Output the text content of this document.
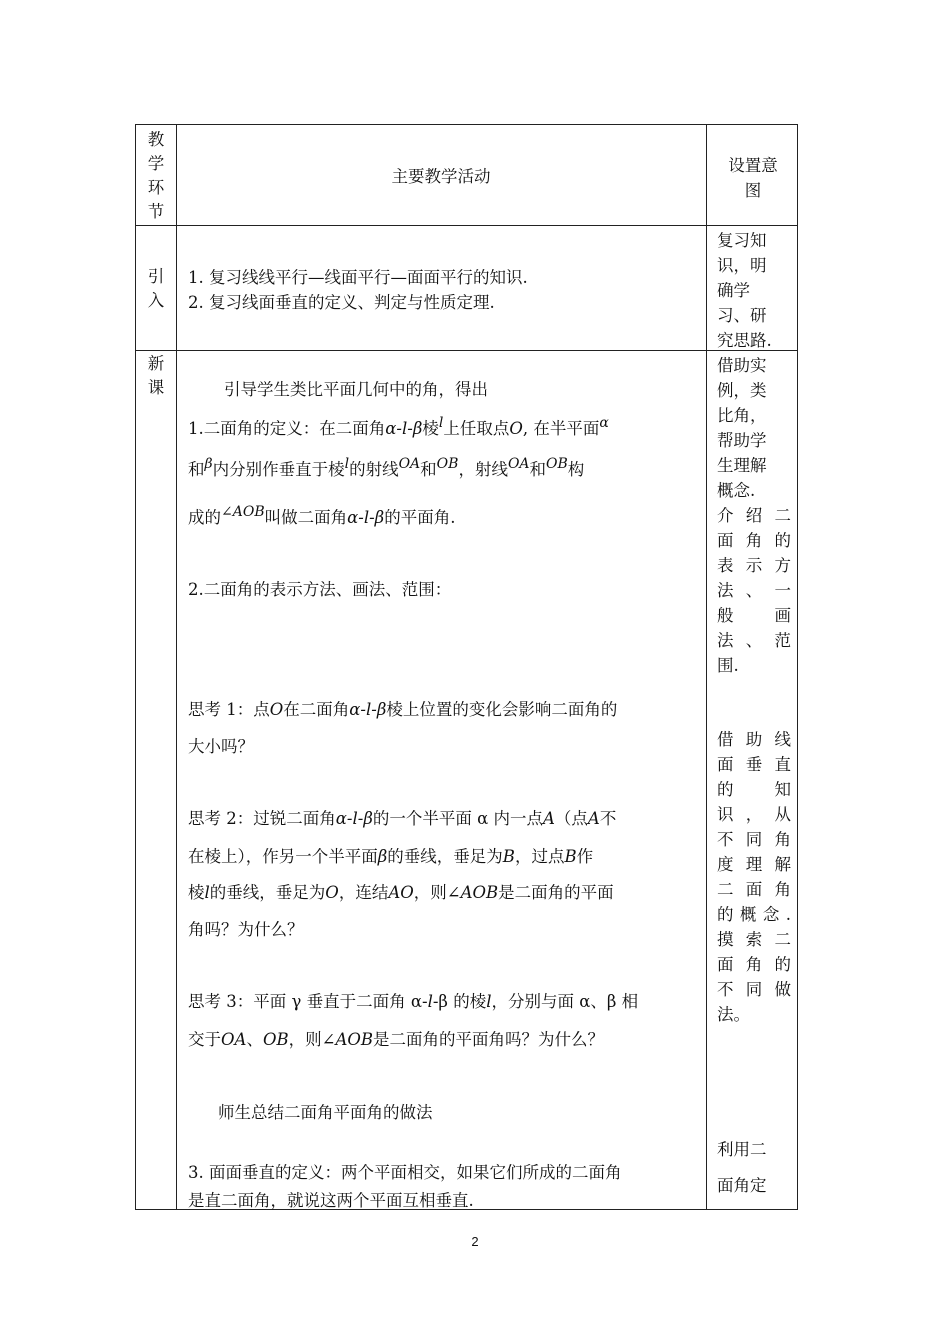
教
学
环
节
主要教学活动
设置意
图
引
入
1. 复习线线平行—线面平行—面面平行的知识.
2. 复习线面垂直的定义、判定与性质定理.
复习知
识，明
确学
习、研
究思路.
新
课	引导学生类比平面几何中的角，得出
1.二面角的定义：在二面角α-l-β棱$^l$上任取点O, 在半平面$^\alpha$
和$^\beta$内分别作垂直于棱$^l$的射线$^{OA}$和$^{OB}$，射线$^{OA}$和$^{OB}$构
成的$^{\angle AOB}$叫做二面角α-l-β的平面角.
2.二面角的表示方法、画法、范围：
思考 1：点O在二面角α-l-β棱上位置的变化会影响二面角的
大小吗？
思考 2：过锐二面角α-l-β的一个半平面 α 内一点A（点A不
在棱上），作另一个半平面β的垂线，垂足为B，过点B作
棱l的垂线，垂足为O，连结AO，则∠AOB是二面角的平面
角吗？为什么？
思考 3：平面 γ 垂直于二面角 α-l-β 的棱l，分别与面 α、β 相
交于OA、OB，则∠AOB是二面角的平面角吗？为什么？
师生总结二面角平面角的做法
3. 面面垂直的定义：两个平面相交，如果它们所成的二面角
是直二面角，就说这两个平面互相垂直.
借助实
例，类
比角，
帮助学
生理解
概念.
介 绍 二
面 角 的
表 示 方
法 、 一
般　画
法 、 范
围.
借 助 线
面 垂 直
的　知
识 ， 从
不 同 角
度 理 解
二 面 角
的 概 念 .
摸 索 二
面 角 的
不 同 做
法。
利用二
面角定
2
